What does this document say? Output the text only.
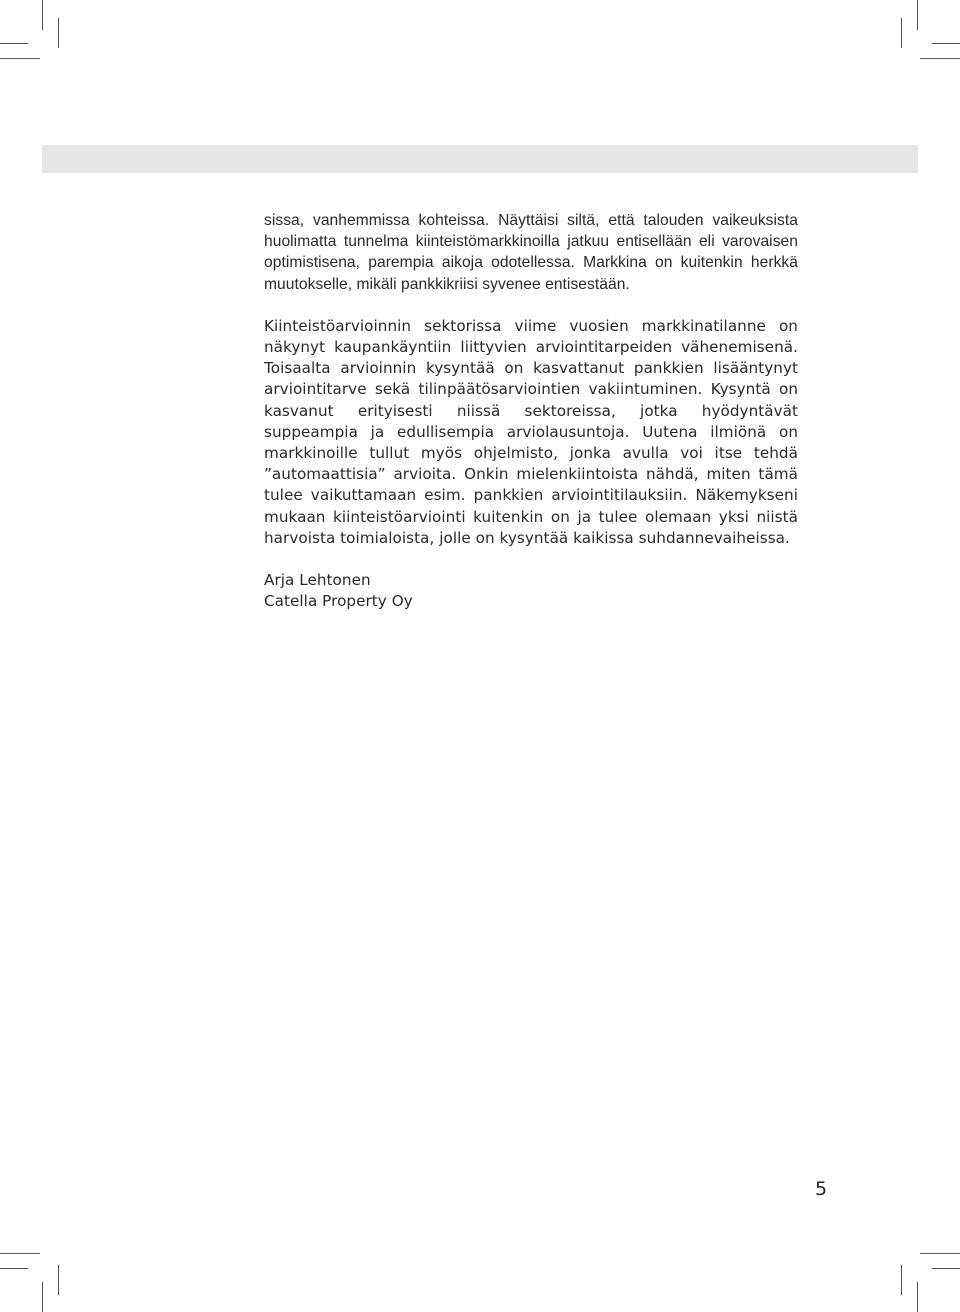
sissa, vanhemmissa kohteissa. Näyttäisi siltä, että talouden vaikeuksista huolimatta tunnelma kiinteistömarkkinoilla jatkuu entisellään eli varovaisen optimistisena, parempia aikoja odotellessa. Markkina on kuitenkin herkkä muutokselle, mikäli pankkikriisi syvenee entisestään.

Kiinteistöarvioinnin sektorissa viime vuosien markkinatilanne on näkynyt kaupankäyntiin liittyvien arviointitarpeiden vähenemisenä. Toisaalta arvioinnin kysyntää on kasvattanut pankkien lisääntynyt arviointitarve sekä tilinpäätösarviointien vakiintuminen. Kysyntä on kasvanut erityisesti niissä sektoreissa, jotka hyödyntävät suppeampia ja edullisempia arviolausuntoja. Uutena ilmiönä on markkinoille tullut myös ohjelmisto, jonka avulla voi itse tehdä ”automaattisia” arvioita. Onkin mielenkiintoista nähdä, miten tämä tulee vaikuttamaan esim. pankkien arviointitilauksiin. Näkemykseni mukaan kiinteistöarviointi kuitenkin on ja tulee olemaan yksi niistä harvoista toimialoista, jolle on kysyntää kaikissa suhdannevaiheissa.

Arja Lehtonen
Catella Property Oy

5
